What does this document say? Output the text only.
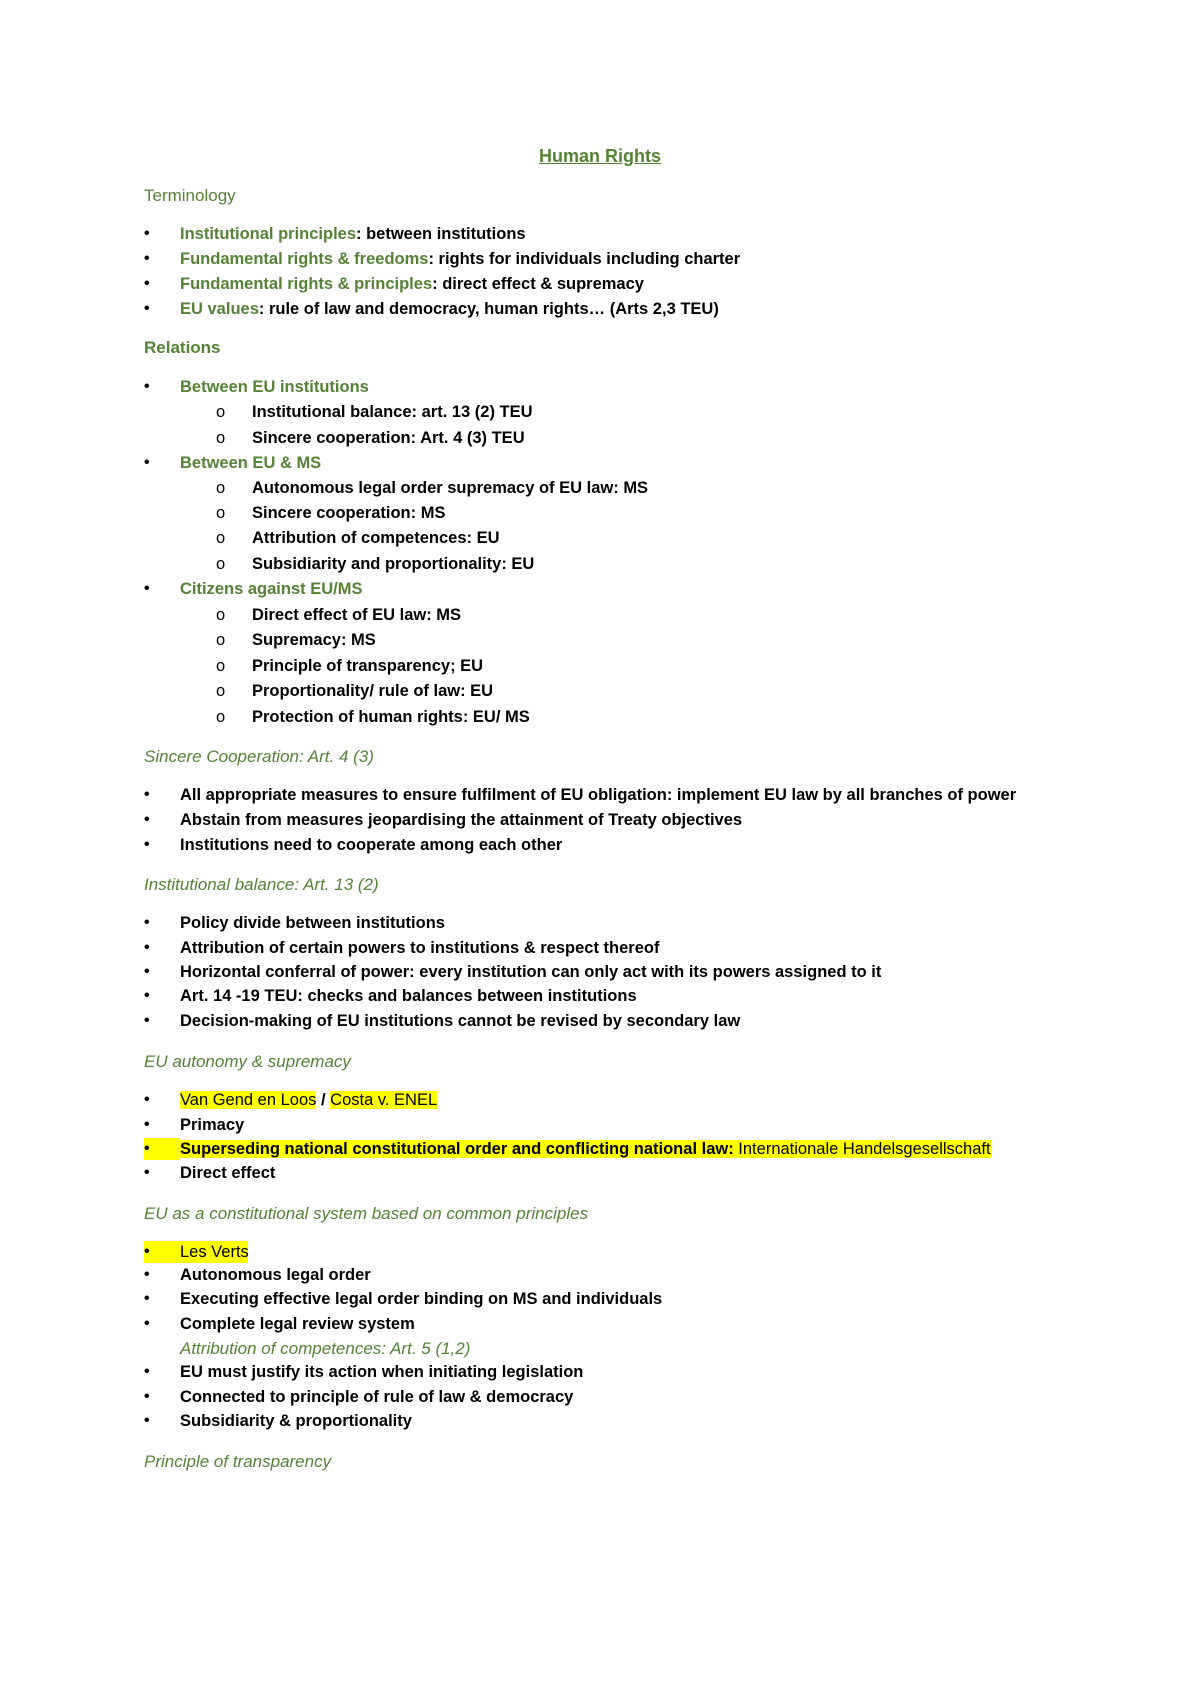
Human Rights
Terminology
• Institutional principles: between institutions
• Fundamental rights & freedoms: rights for individuals including charter
• Fundamental rights & principles: direct effect & supremacy
• EU values: rule of law and democracy, human rights… (Arts 2,3 TEU)
Relations
• Between EU institutions
o Institutional balance: art. 13 (2) TEU
o Sincere cooperation: Art. 4 (3) TEU
• Between EU & MS
o Autonomous legal order supremacy of EU law: MS
o Sincere cooperation: MS
o Attribution of competences: EU
o Subsidiarity and proportionality: EU
• Citizens against EU/MS
o Direct effect of EU law: MS
o Supremacy: MS
o Principle of transparency; EU
o Proportionality/ rule of law: EU
o Protection of human rights: EU/ MS
Sincere Cooperation: Art. 4 (3)
• All appropriate measures to ensure fulfilment of EU obligation: implement EU law by all branches of power
• Abstain from measures jeopardising the attainment of Treaty objectives
• Institutions need to cooperate among each other
Institutional balance: Art. 13 (2)
• Policy divide between institutions
• Attribution of certain powers to institutions & respect thereof
• Horizontal conferral of power: every institution can only act with its powers assigned to it
• Art. 14 -19 TEU: checks and balances between institutions
• Decision-making of EU institutions cannot be revised by secondary law
EU autonomy & supremacy
• Van Gend en Loos / Costa v. ENEL
• Primacy
• Superseding national constitutional order and conflicting national law: Internationale Handelsgesellschaft
• Direct effect
EU as a constitutional system based on common principles
• Les Verts
• Autonomous legal order
• Executing effective legal order binding on MS and individuals
• Complete legal review system
Attribution of competences: Art. 5 (1,2)
• EU must justify its action when initiating legislation
• Connected to principle of rule of law & democracy
• Subsidiarity & proportionality
Principle of transparency
